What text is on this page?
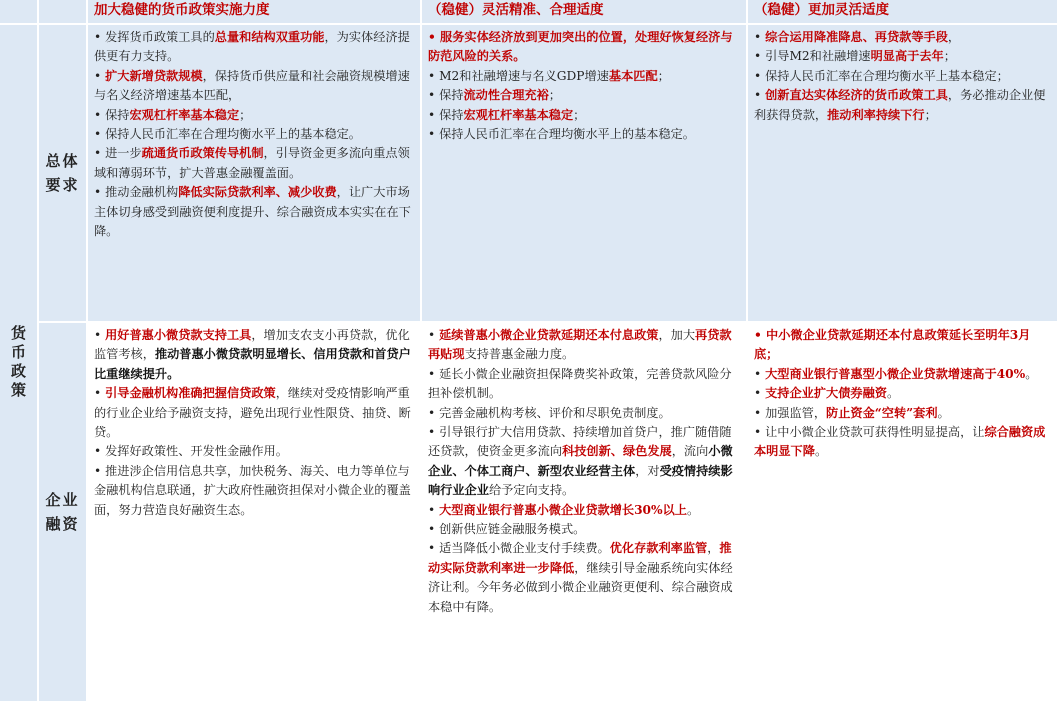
加大稳健的货币政策实施力度	（稳健）灵活精准、合理适度	（稳健）更加灵活适度
货币政策
总体要求

• 发挥货币政策工具的总量和结构双重功能，为实体经济提供更有力支持。

• 扩大新增贷款规模，保持货币供应量和社会融资规模增速与名义经济增速基本匹配，

• 保持宏观杠杆率基本稳定；

• 保持人民币汇率在合理均衡水平上的基本稳定。

• 进一步疏通货币政策传导机制，引导资金更多流向重点领域和薄弱环节，扩大普惠金融覆盖面。

• 推动金融机构降低实际贷款利率、减少收费，让广大市场主体切身感受到融资便利度提升、综合融资成本实实在在下降。

• 服务实体经济放到更加突出的位置，处理好恢复经济与防范风险的关系。

• M2和社融增速与名义GDP增速基本匹配；

• 保持流动性合理充裕；

• 保持宏观杠杆率基本稳定；

• 保持人民币汇率在合理均衡水平上的基本稳定。

• 综合运用降准降息、再贷款等手段，

• 引导M2和社融增速明显高于去年；

• 保持人民币汇率在合理均衡水平上基本稳定；

• 创新直达实体经济的货币政策工具，务必推动企业便利获得贷款，推动利率持续下行；

企业融资

• 用好普惠小微贷款支持工具，增加支农支小再贷款，优化监管考核，推动普惠小微贷款明显增长、信用贷款和首贷户比重继续提升。

• 引导金融机构准确把握信贷政策，继续对受疫情影响严重的行业企业给予融资支持，避免出现行业性限贷、抽贷、断贷。

• 发挥好政策性、开发性金融作用。

• 推进涉企信用信息共享，加快税务、海关、电力等单位与金融机构信息联通，扩大政府性融资担保对小微企业的覆盖面，努力营造良好融资生态。

• 延续普惠小微企业贷款延期还本付息政策，加大再贷款再贴现支持普惠金融力度。

• 延长小微企业融资担保降费奖补政策，完善贷款风险分担补偿机制。

• 完善金融机构考核、评价和尽职免责制度。

• 引导银行扩大信用贷款、持续增加首贷户，推广随借随还贷款，使资金更多流向科技创新、绿色发展，流向小微企业、个体工商户、新型农业经营主体，对受疫情持续影响行业企业给予定向支持。

• 大型商业银行普惠小微企业贷款增长30%以上。

• 创新供应链金融服务模式。

• 适当降低小微企业支付手续费。优化存款利率监管，推动实际贷款利率进一步降低，继续引导金融系统向实体经济让利。今年务必做到小微企业融资更便利、综合融资成本稳中有降。

• 中小微企业贷款延期还本付息政策延长至明年3月底；

• 大型商业银行普惠型小微企业贷款增速高于40%。

• 支持企业扩大债券融资。

• 加强监管，防止资金“空转”套利。

• 让中小微企业贷款可获得性明显提高，让综合融资成本明显下降。
